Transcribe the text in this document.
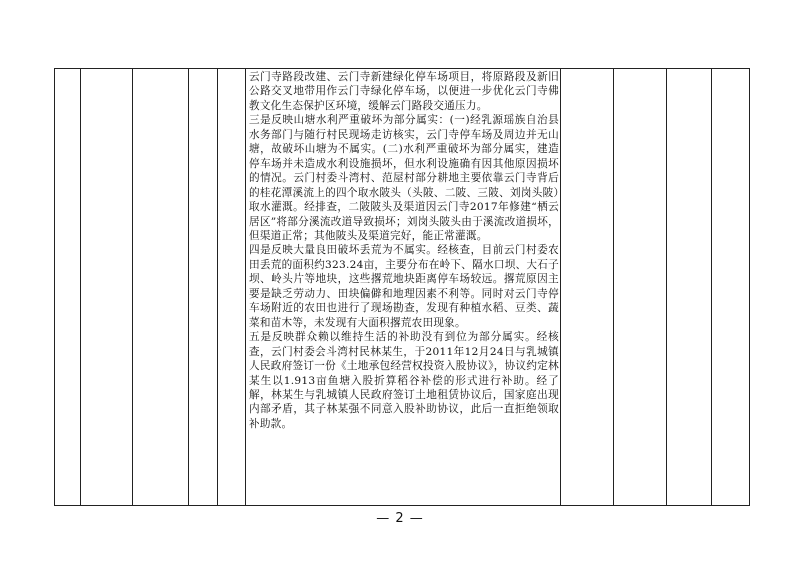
云门寺路段改建、云门寺新建绿化停车场项目，将原路段及新旧公路交叉地带用作云门寺绿化停车场，以便进一步优化云门寺佛教文化生态保护区环境，缓解云门路段交通压力。

三是反映山塘水利严重破坏为部分属实：(一)经乳源瑶族自治县水务部门与随行村民现场走访核实，云门寺停车场及周边并无山塘，故破坏山塘为不属实。(二)水利严重破坏为部分属实，建造停车场并未造成水利设施损坏，但水利设施确有因其他原因损坏的情况。云门村委斗湾村、范屋村部分耕地主要依靠云门寺背后的桂花潭溪流上的四个取水陂头（头陂、二陂、三陂、刘岗头陂）取水灌溉。经排查，二陂陂头及渠道因云门寺2017年修建“栖云居区”将部分溪流改道导致损坏；刘岗头陂头由于溪流改道损坏，但渠道正常；其他陂头及渠道完好，能正常灌溉。

四是反映大量良田破坏丢荒为不属实。经核查，目前云门村委农田丢荒的面积约323.24亩，主要分布在岭下、隔水口坝、大石子坝、岭头片等地块，这些撂荒地块距离停车场较远。撂荒原因主要是缺乏劳动力、田块偏僻和地理因素不利等。同时对云门寺停车场附近的农田也进行了现场勘查，发现有种植水稻、豆类、蔬菜和苗木等，未发现有大面积撂荒农田现象。

五是反映群众赖以维持生活的补助没有到位为部分属实。经核查，云门村委会斗湾村民林某生，于2011年12月24日与乳城镇人民政府签订一份《土地承包经营权投资入股协议》，协议约定林某生以1.913亩鱼塘入股折算稻谷补偿的形式进行补助。经了解，林某生与乳城镇人民政府签订土地租赁协议后，国家庭出现内部矛盾，其子林某强不同意入股补助协议，此后一直拒绝领取补助款。

— 2 —
